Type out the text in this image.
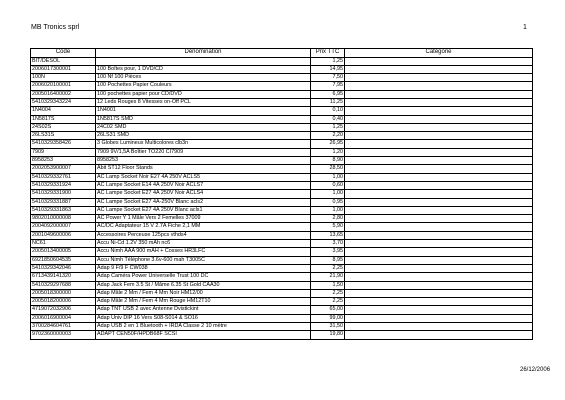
MB Tronics sprl	1
Code	Dénomination	Prix TTC	Catégorie
BIT/DESOL		1,25	
2006017300001	100 Boîtes pour, 1 DVD/CD	14,95	
100N	100 Nf 100 Pièces	7,50	
2006020100001	100 Pochettes Papier Couleurs	7,95	
2005016400002	100 pochettes papier pour CD/DVD	6,95	
5410329343224	12 Leds Rouges 8 Vitesses on-Off PCL	11,25	
1N4004	1N4001	0,10	
1N5817S	1N5817S SMD	0,40	
24S02S	24C02 SMD	1,25	
26LS31S	26LS31 SMD	2,20	
5410329358426	3 Globes Lumineux Multicolores clb3n	26,95	
7909	7909 9V/1,5A Boîtier TO220 CI7909	1,20	
8958253	8958253	8,90	
2002053900007	Abit ST12 Floor Stands	28,50	
5410329332761	AC Lamp Socket Noir E27 4A 250V ACLS5	1,00	
5410329331924	AC Lampe Socket E14 4A 250V Noir ACLS7	0,60	
5410329331900	AC Lampe Socket E27 4A 250V Noir ACLS4	1,00	
5410329331887	AC Lampe Socket E27 4A-250V Blanc acls2	0,95	
5410329331863	AC Lampe Socket E27 4A 250V Blanc acls1	1,00	
9802010000008	AC Power Y 1 Mâle Vers 2 Femelles 37009	2,80	
2004092000007	AC/DC Adaptateur 15 V 2.7A Fiche 2,1 MM	5,90	
2001049600006	Accessoires Perceuse 125pcs vthds4	13,65	
NC61	Accu Ni-Cd 1.2V 350 mAh nc6	3,70	
2005013400005	Accu Nimh AAA 900 mAH + Cosses HR3LFC	3,95	
6921850604535	Accu Nimh Téléphone 3.6v-600 mah T3005C	8,95	
5410329342046	Adap 9 F/9 F CW038	2,25	
6713439141320	Adap Caméra Power Universelle Trust 100 DC	21,90	
5410329297688	Adap Jack Fem 3.5 St / Mâme 6.35 St Gold CAA30	1,50	
2005018300000	Adap Mâle 2 Mm / Fem 4 Mm Noir HM12/00	2,25	
2005018200006	Adap Mâle 2 Mm / Fem 4 Mm Rouge HM12T10	2,25	
4719072032906	Adap TNT USB 2 avec Antenne Dvistickint	65,00	
2006016900004	Adap Univ DIP 16 Vers S08-S014 & SO16	99,00	
3700284604761	Adap USB 2 en 1 Bluetooth + IRDA Classe 2 10 mètre	31,50	
9702360000003	ADAPT CEN50F/HPDB68F SCSI	19,80	
26/12/2006
